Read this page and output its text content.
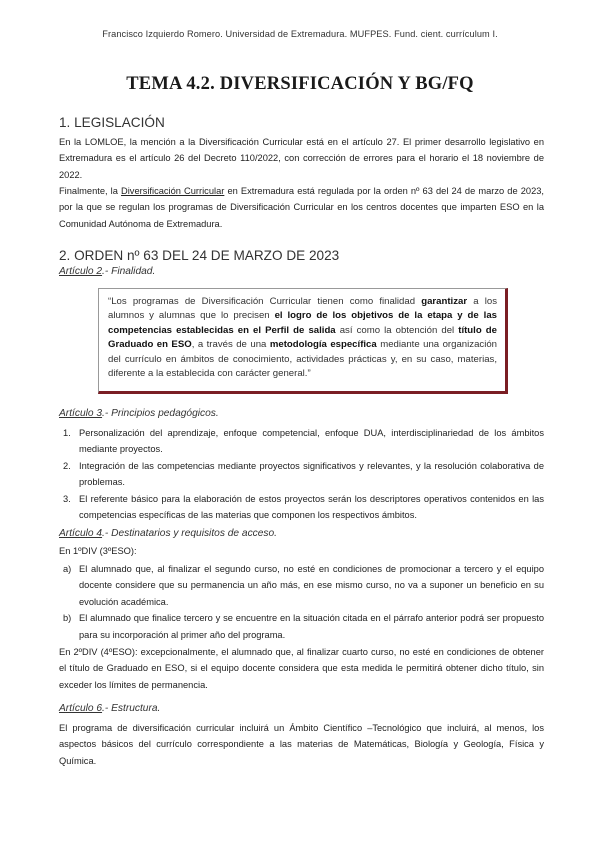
Francisco Izquierdo Romero. Universidad de Extremadura. MUFPES. Fund. cient. currículum I.
TEMA 4.2. DIVERSIFICACIÓN Y BG/FQ
1. LEGISLACIÓN
En la LOMLOE, la mención a la Diversificación Curricular está en el artículo 27. El primer desarrollo legislativo en Extremadura es el artículo 26 del Decreto 110/2022, con corrección de errores para el horario el 18 noviembre de 2022.
Finalmente, la Diversificación Curricular en Extremadura está regulada por la orden nº 63 del 24 de marzo de 2023, por la que se regulan los programas de Diversificación Curricular en los centros docentes que imparten ESO en la Comunidad Autónoma de Extremadura.
2. ORDEN nº 63 DEL 24 DE MARZO DE 2023
Artículo 2.- Finalidad.
“Los programas de Diversificación Curricular tienen como finalidad garantizar a los alumnos y alumnas que lo precisen el logro de los objetivos de la etapa y de las competencias establecidas en el Perfil de salida así como la obtención del título de Graduado en ESO, a través de una metodología específica mediante una organización del currículo en ámbitos de conocimiento, actividades prácticas y, en su caso, materias, diferente a la establecida con carácter general.”
Artículo 3.- Principios pedagógicos.
1. Personalización del aprendizaje, enfoque competencial, enfoque DUA, interdisciplinariedad de los ámbitos mediante proyectos.
2. Integración de las competencias mediante proyectos significativos y relevantes, y la resolución colaborativa de problemas.
3. El referente básico para la elaboración de estos proyectos serán los descriptores operativos contenidos en las competencias específicas de las materias que componen los respectivos ámbitos.
Artículo 4.- Destinatarios y requisitos de acceso.
En 1ºDIV (3ºESO):
a) El alumnado que, al finalizar el segundo curso, no esté en condiciones de promocionar a tercero y el equipo docente considere que su permanencia un año más, en ese mismo curso, no va a suponer un beneficio en su evolución académica.
b) El alumnado que finalice tercero y se encuentre en la situación citada en el párrafo anterior podrá ser propuesto para su incorporación al primer año del programa.
En 2ºDIV (4ºESO): excepcionalmente, el alumnado que, al finalizar cuarto curso, no esté en condiciones de obtener el título de Graduado en ESO, si el equipo docente considera que esta medida le permitirá obtener dicho título, sin exceder los límites de permanencia.
Artículo 6.- Estructura.
El programa de diversificación curricular incluirá un Ámbito Científico –Tecnológico que incluirá, al menos, los aspectos básicos del currículo correspondiente a las materias de Matemáticas, Biología y Geología, Física y Química.
